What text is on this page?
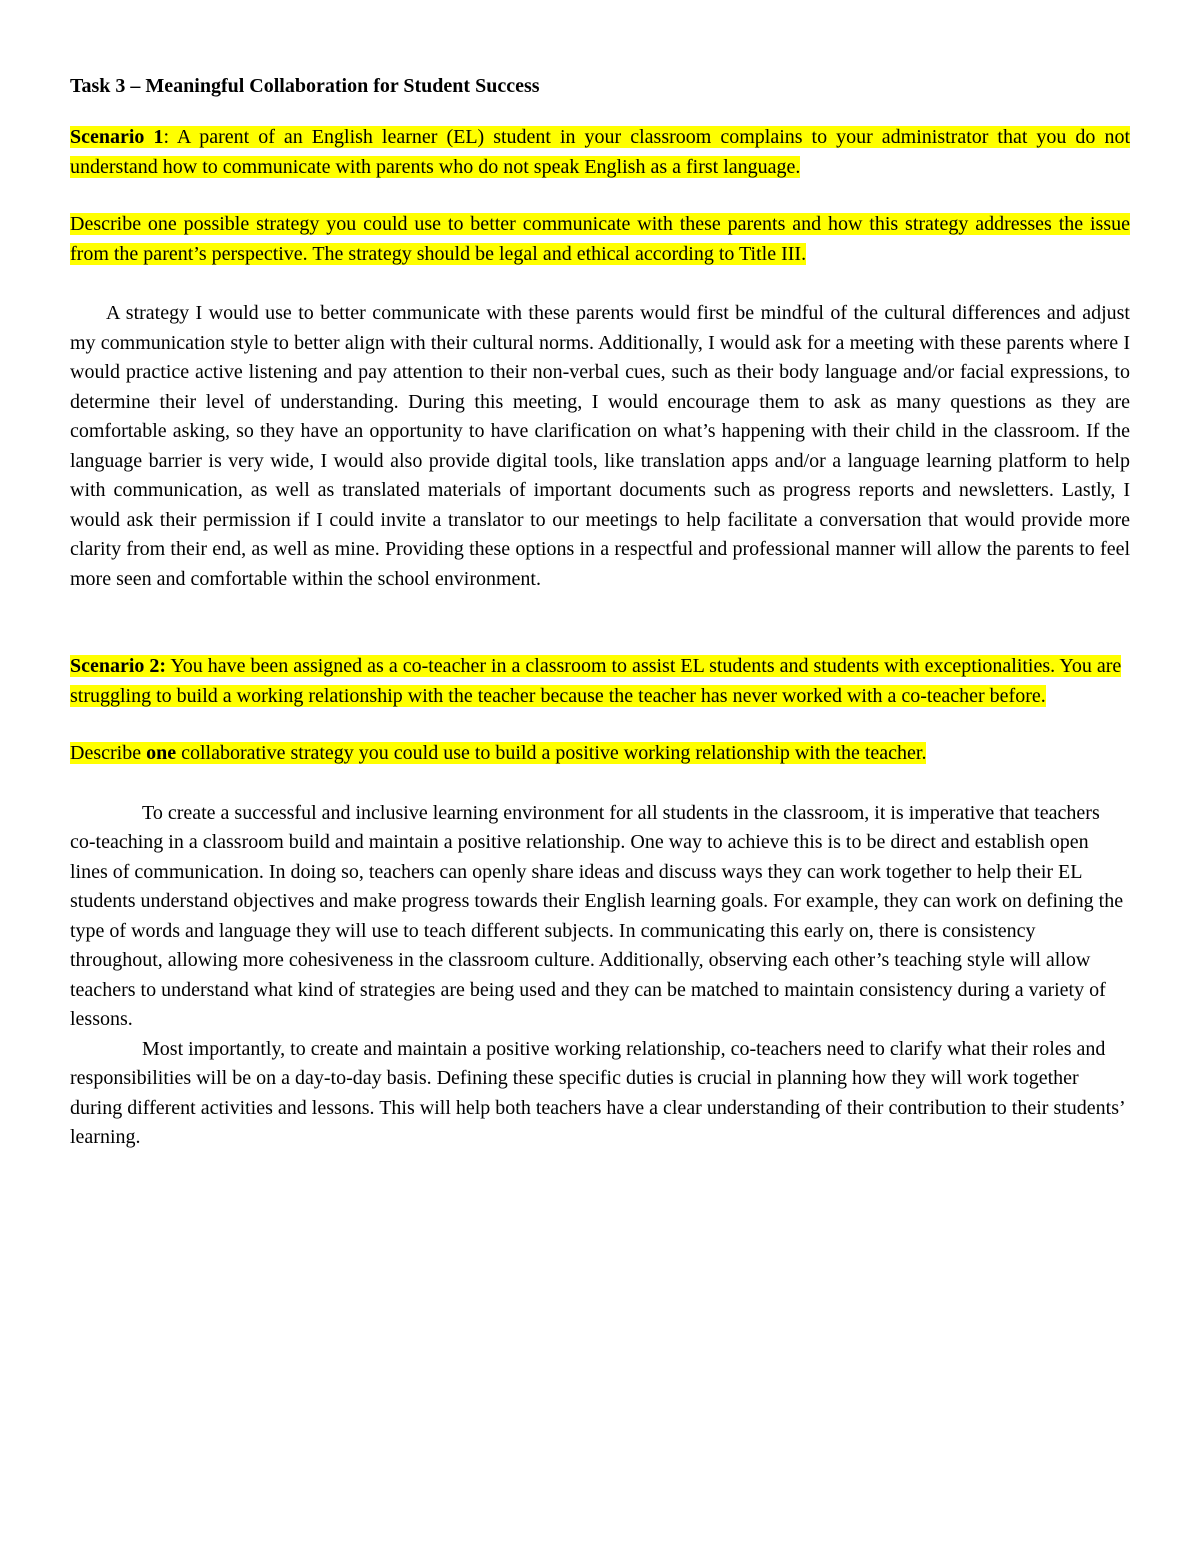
Task 3 – Meaningful Collaboration for Student Success

Scenario 1: A parent of an English learner (EL) student in your classroom complains to your administrator that you do not understand how to communicate with parents who do not speak English as a first language.

Describe one possible strategy you could use to better communicate with these parents and how this strategy addresses the issue from the parent’s perspective. The strategy should be legal and ethical according to Title III.

A strategy I would use to better communicate with these parents would first be mindful of the cultural differences and adjust my communication style to better align with their cultural norms. Additionally, I would ask for a meeting with these parents where I would practice active listening and pay attention to their non-verbal cues, such as their body language and/or facial expressions, to determine their level of understanding. During this meeting, I would encourage them to ask as many questions as they are comfortable asking, so they have an opportunity to have clarification on what’s happening with their child in the classroom. If the language barrier is very wide, I would also provide digital tools, like translation apps and/or a language learning platform to help with communication, as well as translated materials of important documents such as progress reports and newsletters. Lastly, I would ask their permission if I could invite a translator to our meetings to help facilitate a conversation that would provide more clarity from their end, as well as mine. Providing these options in a respectful and professional manner will allow the parents to feel more seen and comfortable within the school environment.

Scenario 2: You have been assigned as a co-teacher in a classroom to assist EL students and students with exceptionalities. You are struggling to build a working relationship with the teacher because the teacher has never worked with a co-teacher before.

Describe one collaborative strategy you could use to build a positive working relationship with the teacher.

To create a successful and inclusive learning environment for all students in the classroom, it is imperative that teachers co-teaching in a classroom build and maintain a positive relationship. One way to achieve this is to be direct and establish open lines of communication. In doing so, teachers can openly share ideas and discuss ways they can work together to help their EL students understand objectives and make progress towards their English learning goals. For example, they can work on defining the type of words and language they will use to teach different subjects. In communicating this early on, there is consistency throughout, allowing more cohesiveness in the classroom culture. Additionally, observing each other’s teaching style will allow teachers to understand what kind of strategies are being used and they can be matched to maintain consistency during a variety of lessons.

Most importantly, to create and maintain a positive working relationship, co-teachers need to clarify what their roles and responsibilities will be on a day-to-day basis. Defining these specific duties is crucial in planning how they will work together during different activities and lessons. This will help both teachers have a clear understanding of their contribution to their students’ learning.
